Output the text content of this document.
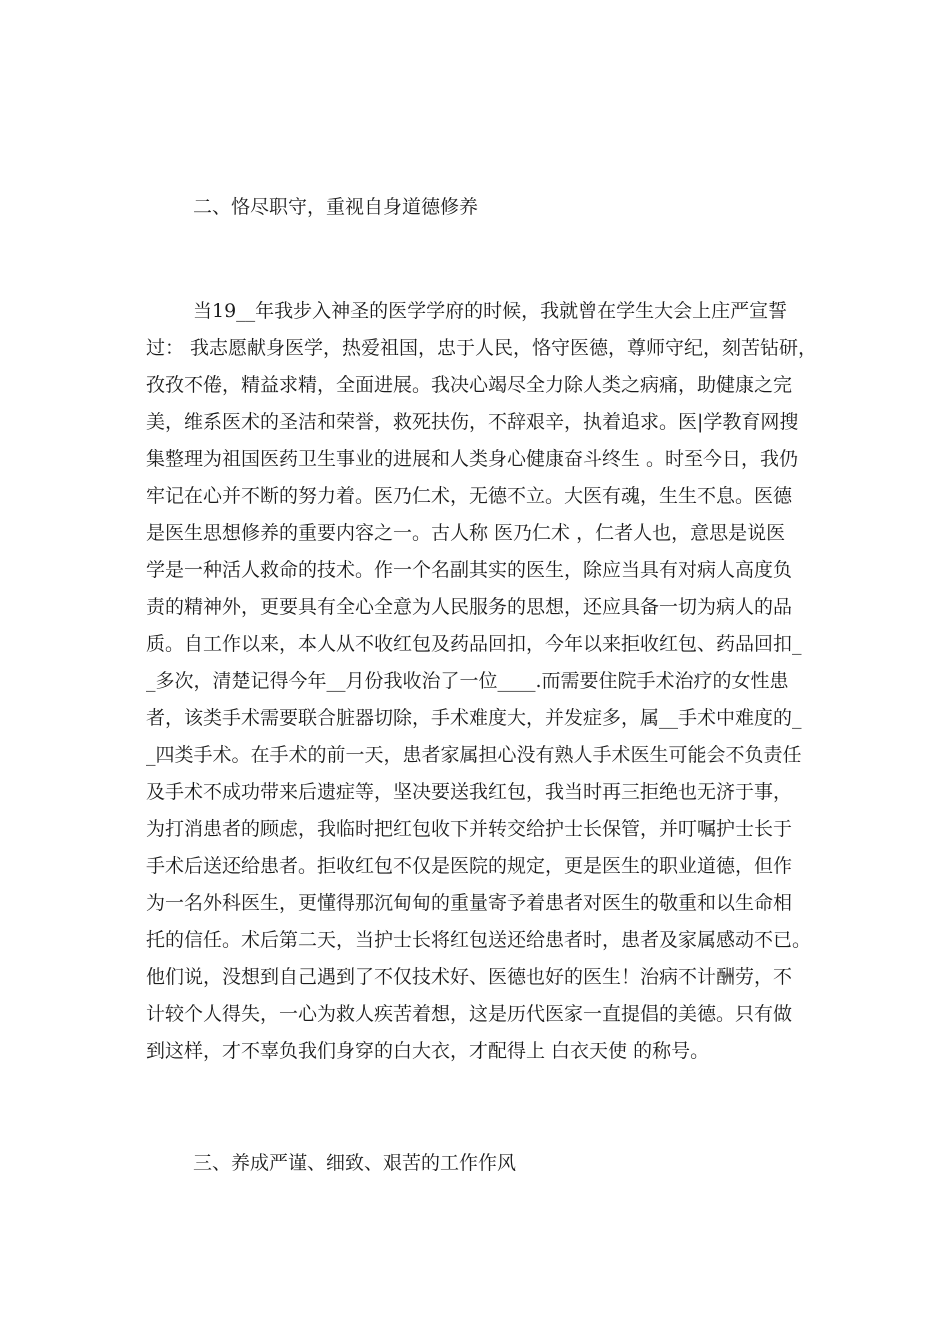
二、恪尽职守，重视自身道德修养
当19__年我步入神圣的医学学府的时候，我就曾在学生大会上庄严宣誓
过： 我志愿献身医学，热爱祖国，忠于人民，恪守医德，尊师守纪，刻苦钻研，
孜孜不倦，精益求精，全面进展。我决心竭尽全力除人类之病痛，助健康之完
美，维系医术的圣洁和荣誉，救死扶伤，不辞艰辛，执着追求。医|学教育网搜
集整理为祖国医药卫生事业的进展和人类身心健康奋斗终生 。时至今日，我仍
牢记在心并不断的努力着。医乃仁术，无德不立。大医有魂，生生不息。医德
是医生思想修养的重要内容之一。古人称 医乃仁术 ，仁者人也，意思是说医
学是一种活人救命的技术。作一个名副其实的医生，除应当具有对病人高度负
责的精神外，更要具有全心全意为人民服务的思想，还应具备一切为病人的品
质。自工作以来，本人从不收红包及药品回扣，今年以来拒收红包、药品回扣_
_多次，清楚记得今年__月份我收治了一位____.而需要住院手术治疗的女性患
者，该类手术需要联合脏器切除，手术难度大，并发症多，属__手术中难度的_
_四类手术。在手术的前一天，患者家属担心没有熟人手术医生可能会不负责任
及手术不成功带来后遗症等，坚决要送我红包，我当时再三拒绝也无济于事，
为打消患者的顾虑，我临时把红包收下并转交给护士长保管，并叮嘱护士长于
手术后送还给患者。拒收红包不仅是医院的规定，更是医生的职业道德，但作
为一名外科医生，更懂得那沉甸甸的重量寄予着患者对医生的敬重和以生命相
托的信任。术后第二天，当护士长将红包送还给患者时，患者及家属感动不已。
他们说，没想到自己遇到了不仅技术好、医德也好的医生！治病不计酬劳，不
计较个人得失，一心为救人疾苦着想，这是历代医家一直提倡的美德。只有做
到这样，才不辜负我们身穿的白大衣，才配得上 白衣天使 的称号。
三、养成严谨、细致、艰苦的工作作风
